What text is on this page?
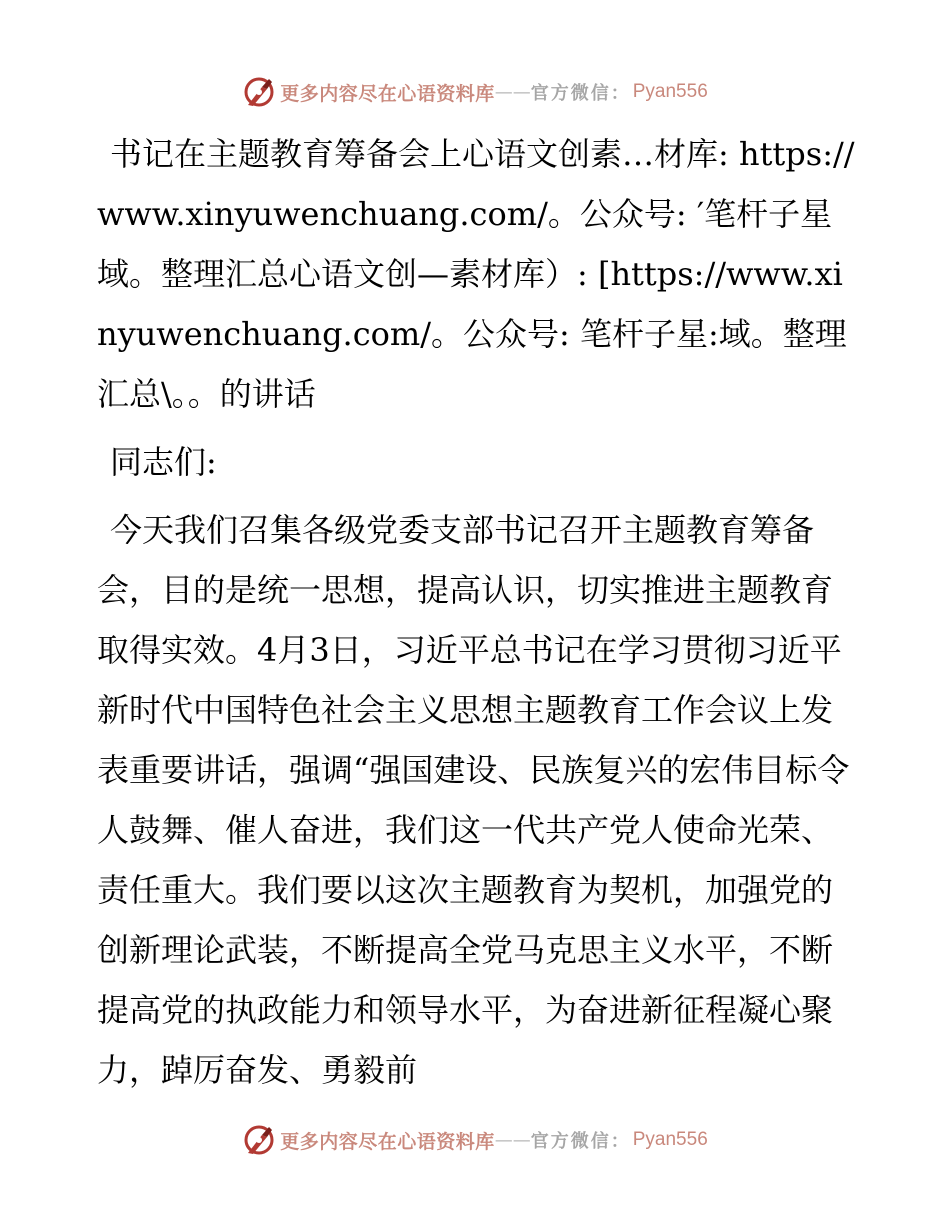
更多内容尽在心语资料库 —— 官方微信： Pyan556

书记在主题教育筹备会上心语文创素…材库: https://www.xinyuwenchuang.com/。公众号: ′笔杆子星域。整理汇总心语文创—素材库）: [https://www.xinyuwenchuang.com/。公众号: 笔杆子星:域。整理汇总\。。的讲话

同志们:

今天我们召集各级党委支部书记召开主题教育筹备会，目的是统一思想，提高认识，切实推进主题教育取得实效。4月3日，习近平总书记在学习贯彻习近平新时代中国特色社会主义思想主题教育工作会议上发表重要讲话，强调“强国建设、民族复兴的宏伟目标令人鼓舞、催人奋进，我们这一代共产党人使命光荣、责任重大。我们要以这次主题教育为契机，加强党的创新理论武装，不断提高全党马克思主义水平，不断提高党的执政能力和领导水平，为奋进新征程凝心聚力，踔厉奋发、勇毅前

更多内容尽在心语资料库 —— 官方微信： Pyan556
